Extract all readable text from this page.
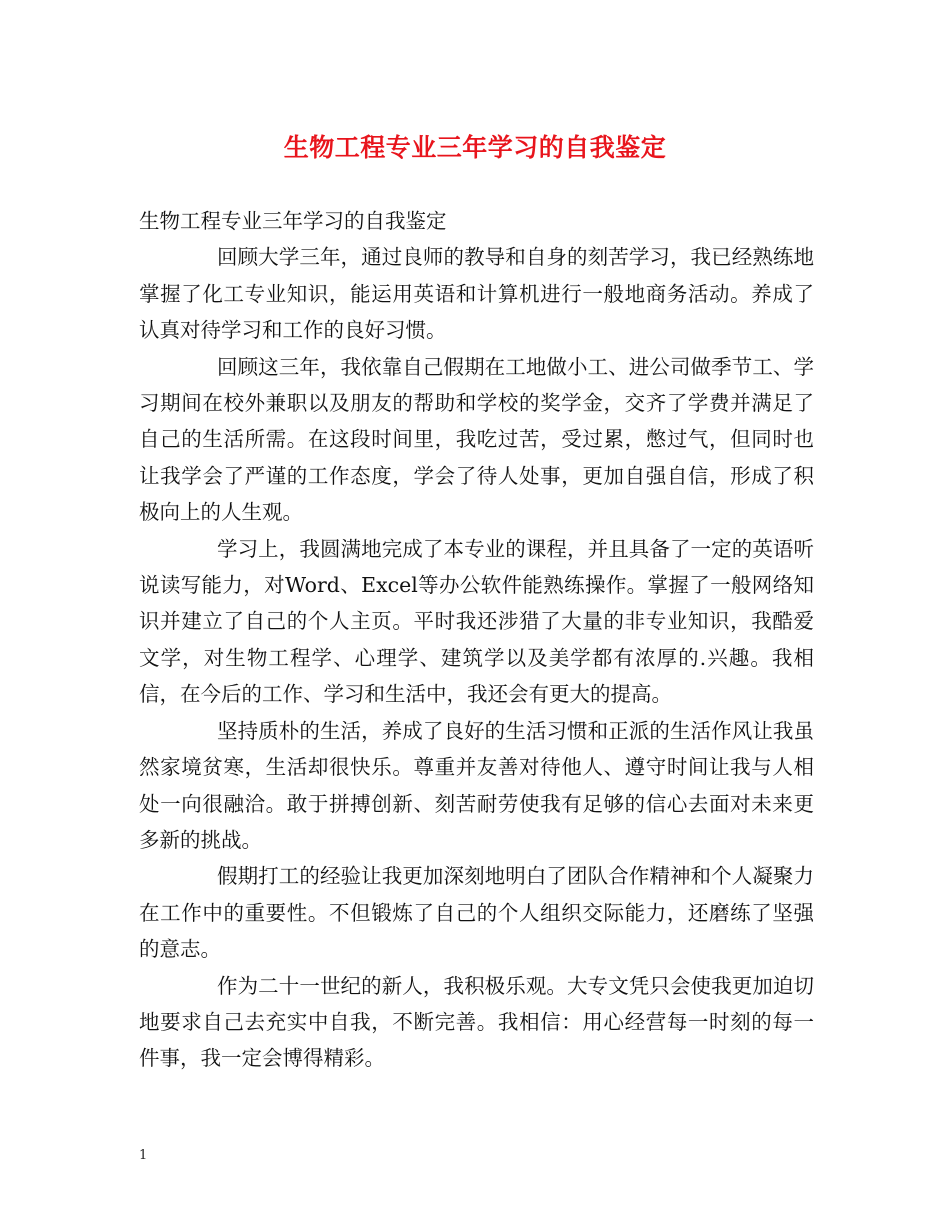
生物工程专业三年学习的自我鉴定

生物工程专业三年学习的自我鉴定

回顾大学三年，通过良师的教导和自身的刻苦学习，我已经熟练地掌握了化工专业知识，能运用英语和计算机进行一般地商务活动。养成了认真对待学习和工作的良好习惯。

回顾这三年，我依靠自己假期在工地做小工、进公司做季节工、学习期间在校外兼职以及朋友的帮助和学校的奖学金，交齐了学费并满足了自己的生活所需。在这段时间里，我吃过苦，受过累，憋过气，但同时也让我学会了严谨的工作态度，学会了待人处事，更加自强自信，形成了积极向上的人生观。

学习上，我圆满地完成了本专业的课程，并且具备了一定的英语听说读写能力，对Word、Excel等办公软件能熟练操作。掌握了一般网络知识并建立了自己的个人主页。平时我还涉猎了大量的非专业知识，我酷爱文学，对生物工程学、心理学、建筑学以及美学都有浓厚的.兴趣。我相信，在今后的工作、学习和生活中，我还会有更大的提高。

坚持质朴的生活，养成了良好的生活习惯和正派的生活作风让我虽然家境贫寒，生活却很快乐。尊重并友善对待他人、遵守时间让我与人相处一向很融洽。敢于拼搏创新、刻苦耐劳使我有足够的信心去面对未来更多新的挑战。

假期打工的经验让我更加深刻地明白了团队合作精神和个人凝聚力在工作中的重要性。不但锻炼了自己的个人组织交际能力，还磨练了坚强的意志。

作为二十一世纪的新人，我积极乐观。大专文凭只会使我更加迫切地要求自己去充实中自我，不断完善。我相信：用心经营每一时刻的每一件事，我一定会博得精彩。

1
